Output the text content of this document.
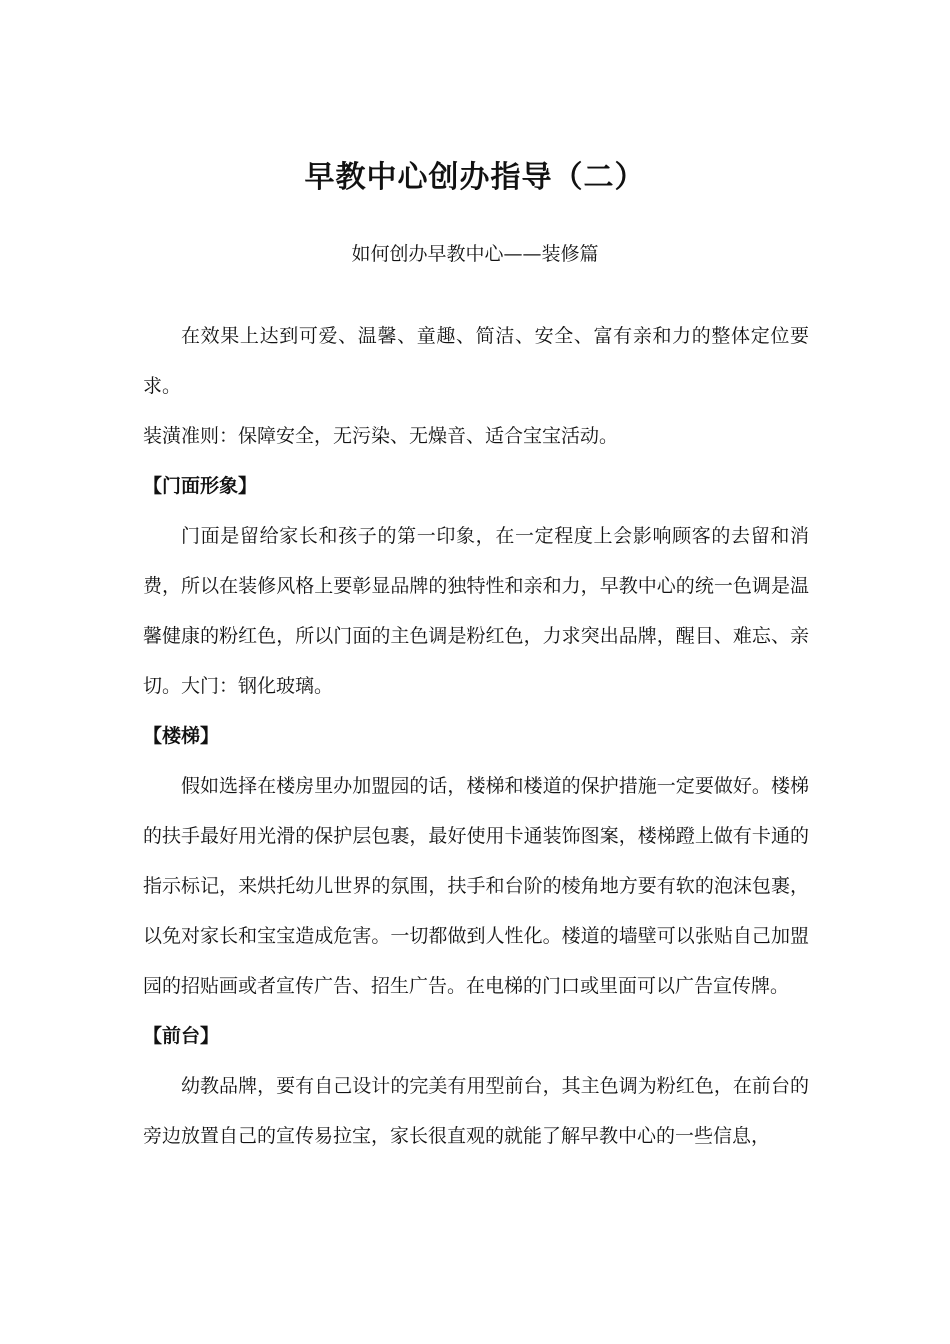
早教中心创办指导（二）
如何创办早教中心——装修篇

在效果上达到可爱、温馨、童趣、简洁、安全、富有亲和力的整体定位要求。

装潢准则：保障安全，无污染、无燥音、适合宝宝活动。

【门面形象】

门面是留给家长和孩子的第一印象，在一定程度上会影响顾客的去留和消费，所以在装修风格上要彰显品牌的独特性和亲和力，早教中心的统一色调是温馨健康的粉红色，所以门面的主色调是粉红色，力求突出品牌，醒目、难忘、亲切。大门：钢化玻璃。

【楼梯】

假如选择在楼房里办加盟园的话，楼梯和楼道的保护措施一定要做好。楼梯的扶手最好用光滑的保护层包裹，最好使用卡通装饰图案，楼梯蹬上做有卡通的指示标记，来烘托幼儿世界的氛围，扶手和台阶的棱角地方要有软的泡沫包裹，以免对家长和宝宝造成危害。一切都做到人性化。楼道的墙壁可以张贴自己加盟园的招贴画或者宣传广告、招生广告。在电梯的门口或里面可以广告宣传牌。

【前台】

幼教品牌，要有自己设计的完美有用型前台，其主色调为粉红色，在前台的旁边放置自己的宣传易拉宝，家长很直观的就能了解早教中心的一些信息，
